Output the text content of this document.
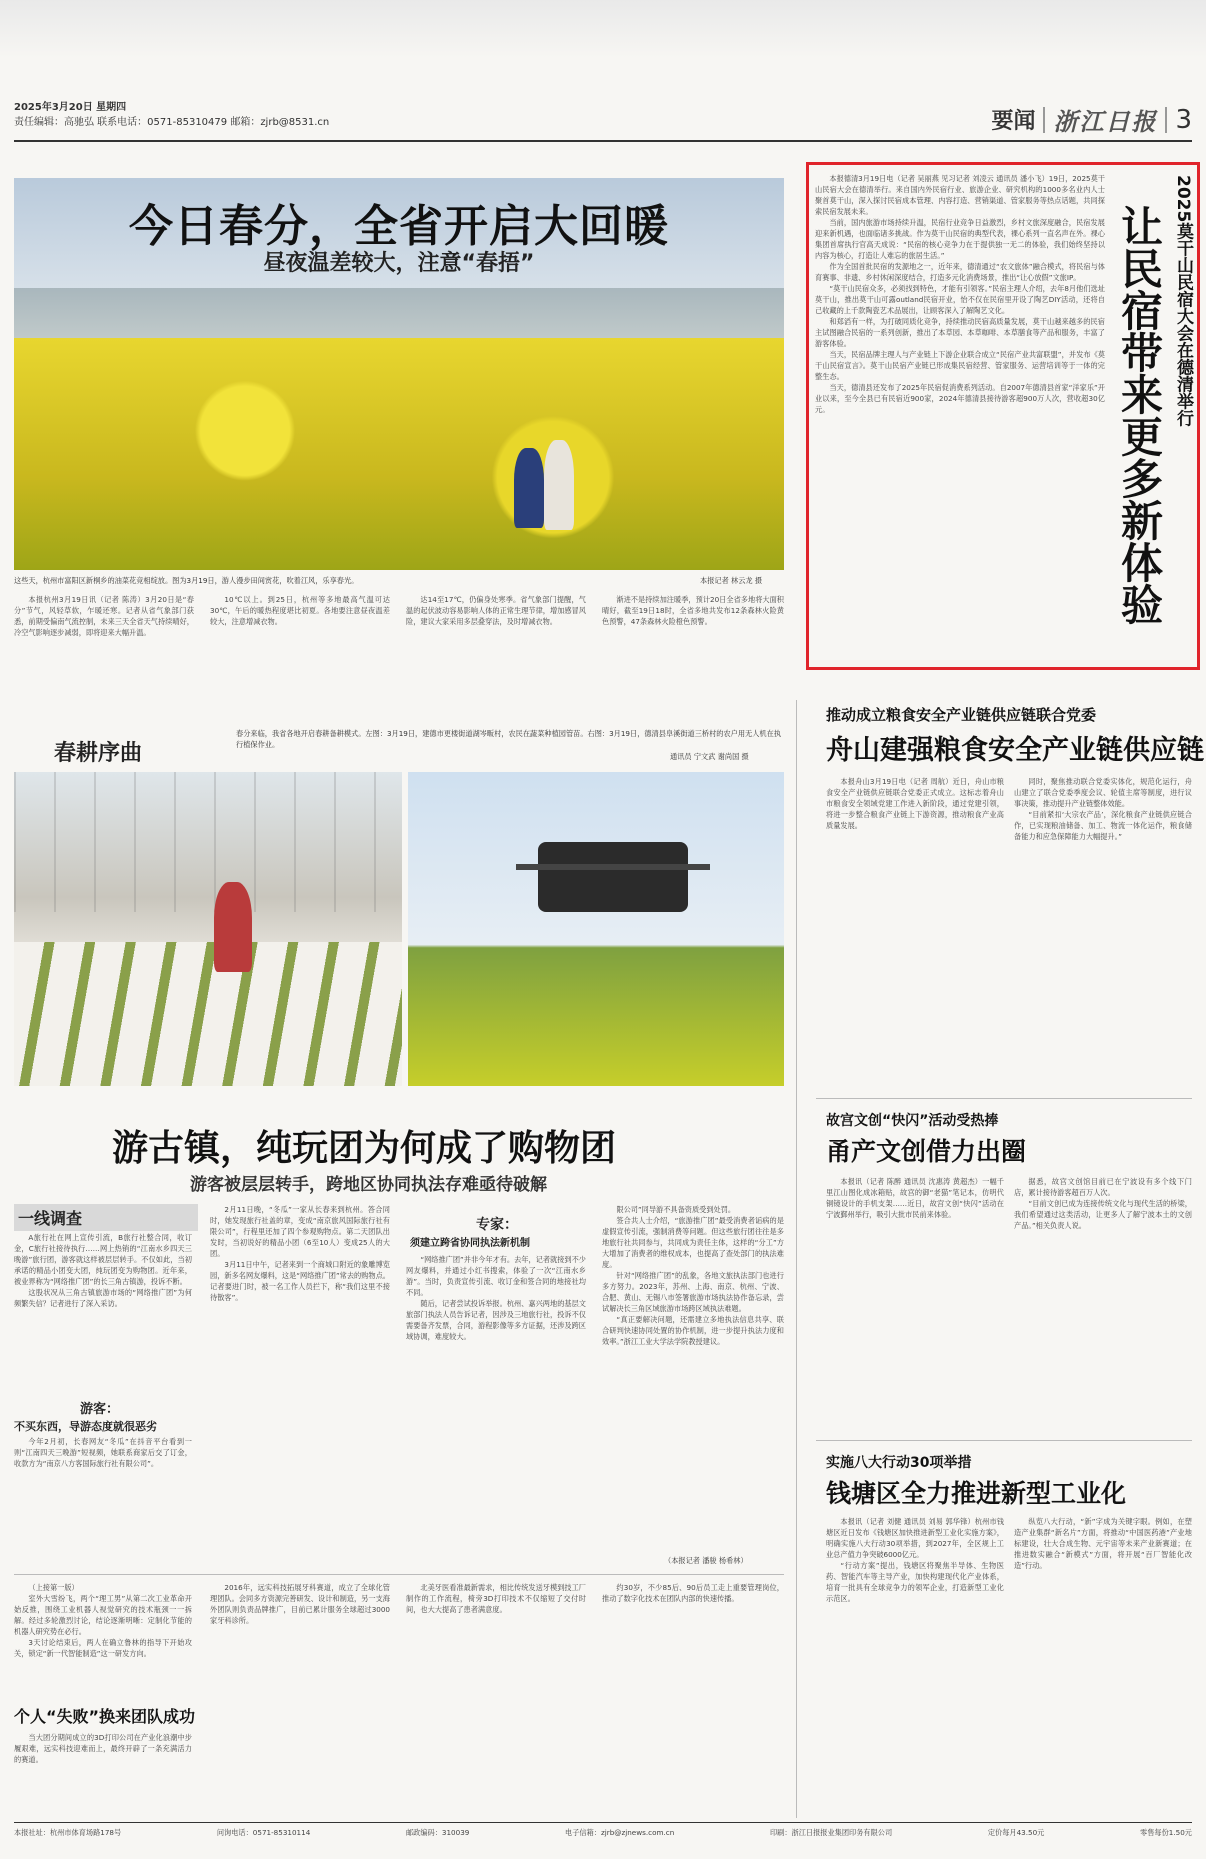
2025年3月20日 星期四
责任编辑：高驰弘 联系电话：0571-85310479 邮箱：zjrb@8531.cn	要闻 浙江日报 3
今日春分，全省开启大回暖
昼夜温差较大，注意“春捂”
这些天，杭州市富阳区新桐乡的油菜花竞相绽放。图为3月19日，游人漫步田间赏花，吹着江风，乐享春光。	本报记者 林云龙 摄

本报杭州3月19日讯（记者 陈涛）3月20日是“春分”节气，风轻草软，乍暖还寒。记者从省气象部门获悉，前期受偏南气流控制，未来三天全省天气持续晴好，冷空气影响逐步减弱，即将迎来大幅升温。

10℃以上。到25日，杭州等多地最高气温可达30℃，午后的暖热程度堪比初夏。各地要注意昼夜温差较大，注意增减衣物。

达14至17℃，仍偏身处寒季。省气象部门提醒，气温的起伏波动容易影响人体的正常生理节律，增加感冒风险，建议大家采用多层叠穿法，及时增减衣物。

渐进不是持续加注暖季，预计20日全省多地将大面积晴好，截至19日18时，全省多地共发布12条森林火险黄色预警，47条森林火险橙色预警。

本报德清3月19日电（记者 吴丽燕 见习记者 刘凌云 通讯员 潘小飞）19日，2025莫干山民宿大会在德清举行。来自国内外民宿行业、旅游企业、研究机构的1000多名业内人士聚首莫干山，深入探讨民宿成本管理、内容打造、营销渠道、管家服务等热点话题，共同探索民宿发展未来。

当前，国内旅游市场持续升温，民宿行业竞争日益激烈，乡村文旅深度融合，民宿发展迎来新机遇，也面临诸多挑战。作为莫干山民宿的典型代表，裸心系列一直名声在外。裸心集团首席执行官高天成说：“民宿的核心竞争力在于提供独一无二的体验，我们始终坚持以内容为核心，打造让人难忘的旅居生活。”

作为全国首批民宿的发源地之一，近年来，德清通过“农文旅体”融合模式，将民宿与体育赛事、非遗、乡村休闲深度结合，打造多元化消费场景，推出“让心放假”文旅IP。

“莫干山民宿众多，必须找到特色，才能有引领客。”民宿主理人介绍，去年8月他们选址莫干山，推出莫干山可露outland民宿开业，怡不仅在民宿里开设了陶艺DIY活动，还将自己收藏的上千款陶瓷艺术品展出，让顾客深入了解陶艺文化。

和郑滔有一样，为打破同质化竞争，持续推动民宿高质量发展，莫干山越来越多的民宿主试图融合民宿的一系列创新，推出了本草园、本草咖啡、本草膳食等产品和服务，丰富了游客体验。

当天，民宿品牌主理人与产业链上下游企业联合成立“民宿产业共富联盟”，并发布《莫干山民宿宣言》。莫干山民宿产业链已形成集民宿经营、管家服务、运营培训等于一体的完整生态。

当天，德清县还发布了2025年民宿促消费系列活动。自2007年德清县首家“洋家乐”开业以来，至今全县已有民宿近900家，2024年德清县接待游客超900万人次，营收超30亿元。	2025莫干山民宿大会在德清举行
让民宿带来更多新体验
推动成立粮食安全产业链供应链联合党委
舟山建强粮食安全产业链供应链

本报舟山3月19日电（记者 周航）近日，舟山市粮食安全产业链供应链联合党委正式成立。这标志着舟山市粮食安全领域党建工作进入新阶段，通过党建引领，将进一步整合粮食产业链上下游资源，推动粮食产业高质量发展。

同时，聚焦推动联合党委实体化，规范化运行，舟山建立了联合党委季度会议、轮值主席等制度，进行议事决策，推动提升产业链整体效能。

“目前紧扣‘大宗农产品’，深化粮食产业链供应链合作，已实现粮油储备、加工、物流一体化运作，粮食储备能力和应急保障能力大幅提升。”

春耕序曲
春分来临，我省各地开启春耕备耕模式。左图：3月19日，建德市更楼街道湖岑畈村，农民在蔬菜种植园管苗。右图：3月19日，德清县阜溪街道三桥村的农户用无人机在执行植保作业。
通讯员 宁文武 谢尚国 摄
游古镇，纯玩团为何成了购物团
游客被层层转手，跨地区协同执法存难亟待破解
一线调查

A旅行社在网上宣传引流，B旅行社整合同，收订金，C旅行社接待执行……网上热销的“江南水乡四天三晚游”旅行团，游客就这样被层层转手。不仅如此，当初承诺的精品小团变大团，纯玩团变为购物团。近年来，被业界称为“网络推广团”的长三角古镇游，投诉不断。

这股状况从三角古镇旅游市场的“网络推广团”为何频繁失信？记者进行了深入采访。

游客：
不买东西，导游态度就很恶劣

今年2月初，长春网友“冬瓜”在抖音平台看到一则“江南四天三晚游”短视频，她联系商家后交了订金，收款方为“南京八方客国际旅行社有限公司”。

2月11日晚，“冬瓜”一家从长春来到杭州。答合同时，她发现旅行社盖的章，变成“南京旅风国际旅行社有限公司”，行程里还加了四个参观购物点。第二天团队出发时，当初说好的精品小团（6至10人）变成25人的大团。

3月11日中午，记者来到一个商城口附近的象雕博览园，新多名网友爆料，这是“网络推广团”常去的购物点。记者要进门时，被一名工作人员拦下，称“我们这里不接待散客”。

专家：
须建立跨省协同执法新机制

“网络推广团”并非今年才有。去年，记者就接到不少网友爆料，并通过小红书搜索，体验了一次“江南水乡游”。当时，负责宣传引流、收订金和签合同的地接社均不同。

随后，记者尝试投诉举报。杭州、嘉兴两地的基层文旅部门执法人员告诉记者，因涉及三地旅行社，投诉不仅需要备齐发票，合同，游程影像等多方证据，还涉及跨区域协调，难度较大。

限公司”同导游不具备资质受到处罚。

签合共人士介绍，“旅游推广团”最受消费者诟病的是虚假宣传引流，强制消费等问题。但这些旅行团往往是多地旅行社共同参与，共同成为责任主体，这样的“分工”方大增加了消费者的维权成本，也提高了查处部门的执法难度。

针对“网络推广团”的乱象，各地文旅执法部门也进行多方努力。2023年，苏州、上海、南京、杭州、宁波、合肥、黄山、无锡八市签署旅游市场执法协作备忘录，尝试解决长三角区域旅游市场跨区域执法难题。

“真正要解决问题，还需建立多地执法信息共享、联合研判快速协同处置的协作机制，进一步提升执法力度和效率。”浙江工业大学法学院教授建议。

（本报记者 潘骏 杨希林）

（上接第一版）

室外大雪纷飞，两个“理工男”从第二次工业革命开始反推，围绕工业机器人视觉研究的技术瓶颈一一拆解。经过多轮激烈讨论，结论逐渐明晰：定制化节能的机器人研究势在必行。

3天讨论结束后，两人在确立鲁林的指导下开始攻关，锁定“新一代智能制造”这一研发方向。

个人“失败”换来团队成功

当大团分期间成立的3D打印公司在产业化浪潮中步履艰难，远实科技迎难而上，最终开辟了一条充满活力的赛道。

2016年，远实科技拓展牙科赛道，成立了全球化管理团队。会同多方资源完善研发、设计和制造，另一支海外团队则负责品牌推广，目前已累计服务全球超过3000家牙科诊所。

北美牙医看准最新需求，相比传统发送牙模到技工厂制作的工作流程，椅旁3D打印技术不仅缩短了交付时间，也大大提高了患者满意度。

约30岁，不少85后、90后员工走上重要管理岗位，推动了数字化技术在团队内部的快速传播。

故宫文创“快闪”活动受热捧
甬产文创借力出圈

本报讯（记者 陈醉 通讯员 沈惠涛 黄超杰）一幅千里江山图化成冰箱贴，故宫的御“老猫”笔记本，仿明代铜镜设计的手机支架……近日，故宫文创“快闪”活动在宁波鄞州举行，吸引大批市民前来体验。

据悉，故宫文创馆目前已在宁波设有多个线下门店，累计接待游客超百万人次。

“目前文创已成为连接传统文化与现代生活的桥梁，我们希望通过这类活动，让更多人了解宁波本土的文创产品。”相关负责人说。

实施八大行动30项举措
钱塘区全力推进新型工业化

本报讯（记者 刘健 通讯员 刘易 郭华锋）杭州市钱塘区近日发布《钱塘区加快推进新型工业化实施方案》，明确实施八大行动30项举措，到2027年，全区规上工业总产值力争突破6000亿元。

“行动方案”提出，钱塘区将聚焦半导体、生物医药、智能汽车等主导产业，加快构建现代化产业体系，培育一批具有全球竞争力的领军企业，打造新型工业化示范区。

纵览八大行动，“新”字成为关键字眼。例如，在塑造产业集群“新名片”方面，将推动“中国医药港”产业地标建设，壮大合成生物、元宇宙等未来产业新赛道；在推进数实融合“新模式”方面，将开展“百厂智能化改造”行动。

本报社址：杭州市体育场路178号	问询电话：0571-85310114	邮政编码：310039	电子信箱：zjrb@zjnews.com.cn	印刷：浙江日报报业集团印务有限公司	定价每月43.50元	零售每份1.50元
